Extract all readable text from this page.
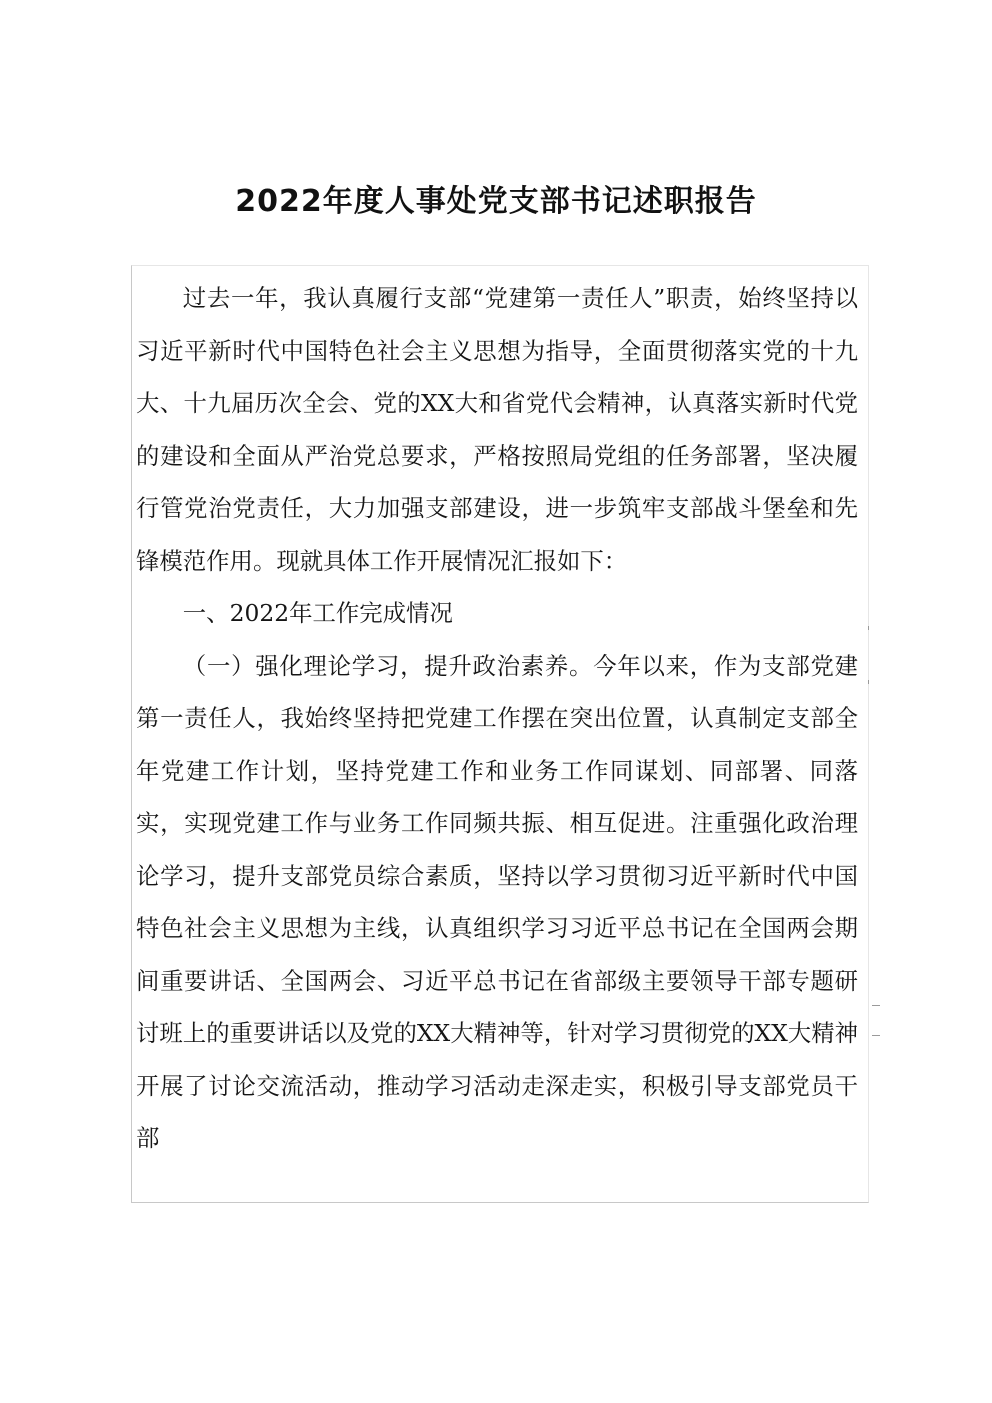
2022年度人事处党支部书记述职报告

过去一年，我认真履行支部“党建第一责任人”职责，始终坚持以习近平新时代中国特色社会主义思想为指导，全面贯彻落实党的十九大、十九届历次全会、党的XX大和省党代会精神，认真落实新时代党的建设和全面从严治党总要求，严格按照局党组的任务部署，坚决履行管党治党责任，大力加强支部建设，进一步筑牢支部战斗堡垒和先锋模范作用。现就具体工作开展情况汇报如下：

一、2022年工作完成情况

（一）强化理论学习，提升政治素养。今年以来，作为支部党建第一责任人，我始终坚持把党建工作摆在突出位置，认真制定支部全年党建工作计划，坚持党建工作和业务工作同谋划、同部署、同落实，实现党建工作与业务工作同频共振、相互促进。注重强化政治理论学习，提升支部党员综合素质，坚持以学习贯彻习近平新时代中国特色社会主义思想为主线，认真组织学习习近平总书记在全国两会期间重要讲话、全国两会、习近平总书记在省部级主要领导干部专题研讨班上的重要讲话以及党的XX大精神等，针对学习贯彻党的XX大精神开展了讨论交流活动，推动学习活动走深走实，积极引导支部党员干部
